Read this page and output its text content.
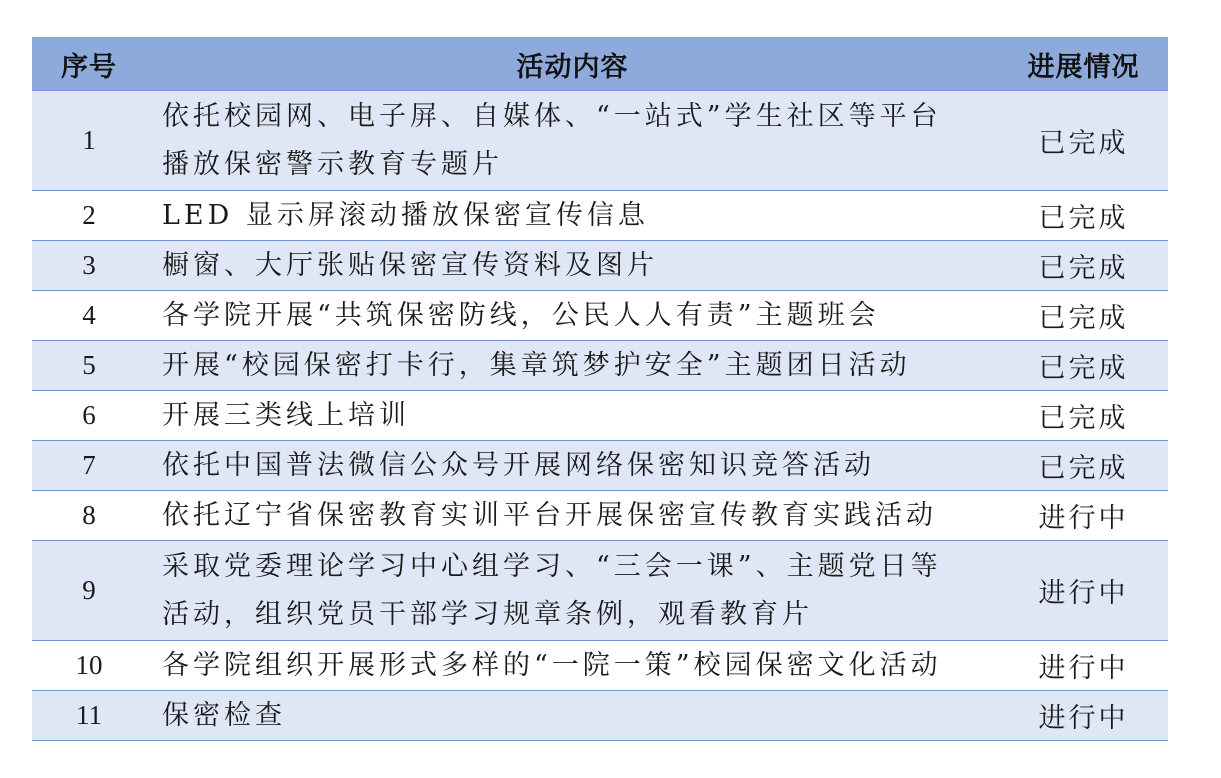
序号	活动内容	进展情况
1	依托校园网、电子屏、自媒体、“一站式”学生社区等平台
播放保密警示教育专题片	已完成
2	LED 显示屏滚动播放保密宣传信息	已完成
3	橱窗、大厅张贴保密宣传资料及图片	已完成
4	各学院开展“共筑保密防线，公民人人有责”主题班会	已完成
5	开展“校园保密打卡行，集章筑梦护安全”主题团日活动	已完成
6	开展三类线上培训	已完成
7	依托中国普法微信公众号开展网络保密知识竞答活动	已完成
8	依托辽宁省保密教育实训平台开展保密宣传教育实践活动	进行中
9	采取党委理论学习中心组学习、“三会一课”、主题党日等
活动，组织党员干部学习规章条例，观看教育片	进行中
10	各学院组织开展形式多样的“一院一策”校园保密文化活动	进行中
11	保密检查	进行中
